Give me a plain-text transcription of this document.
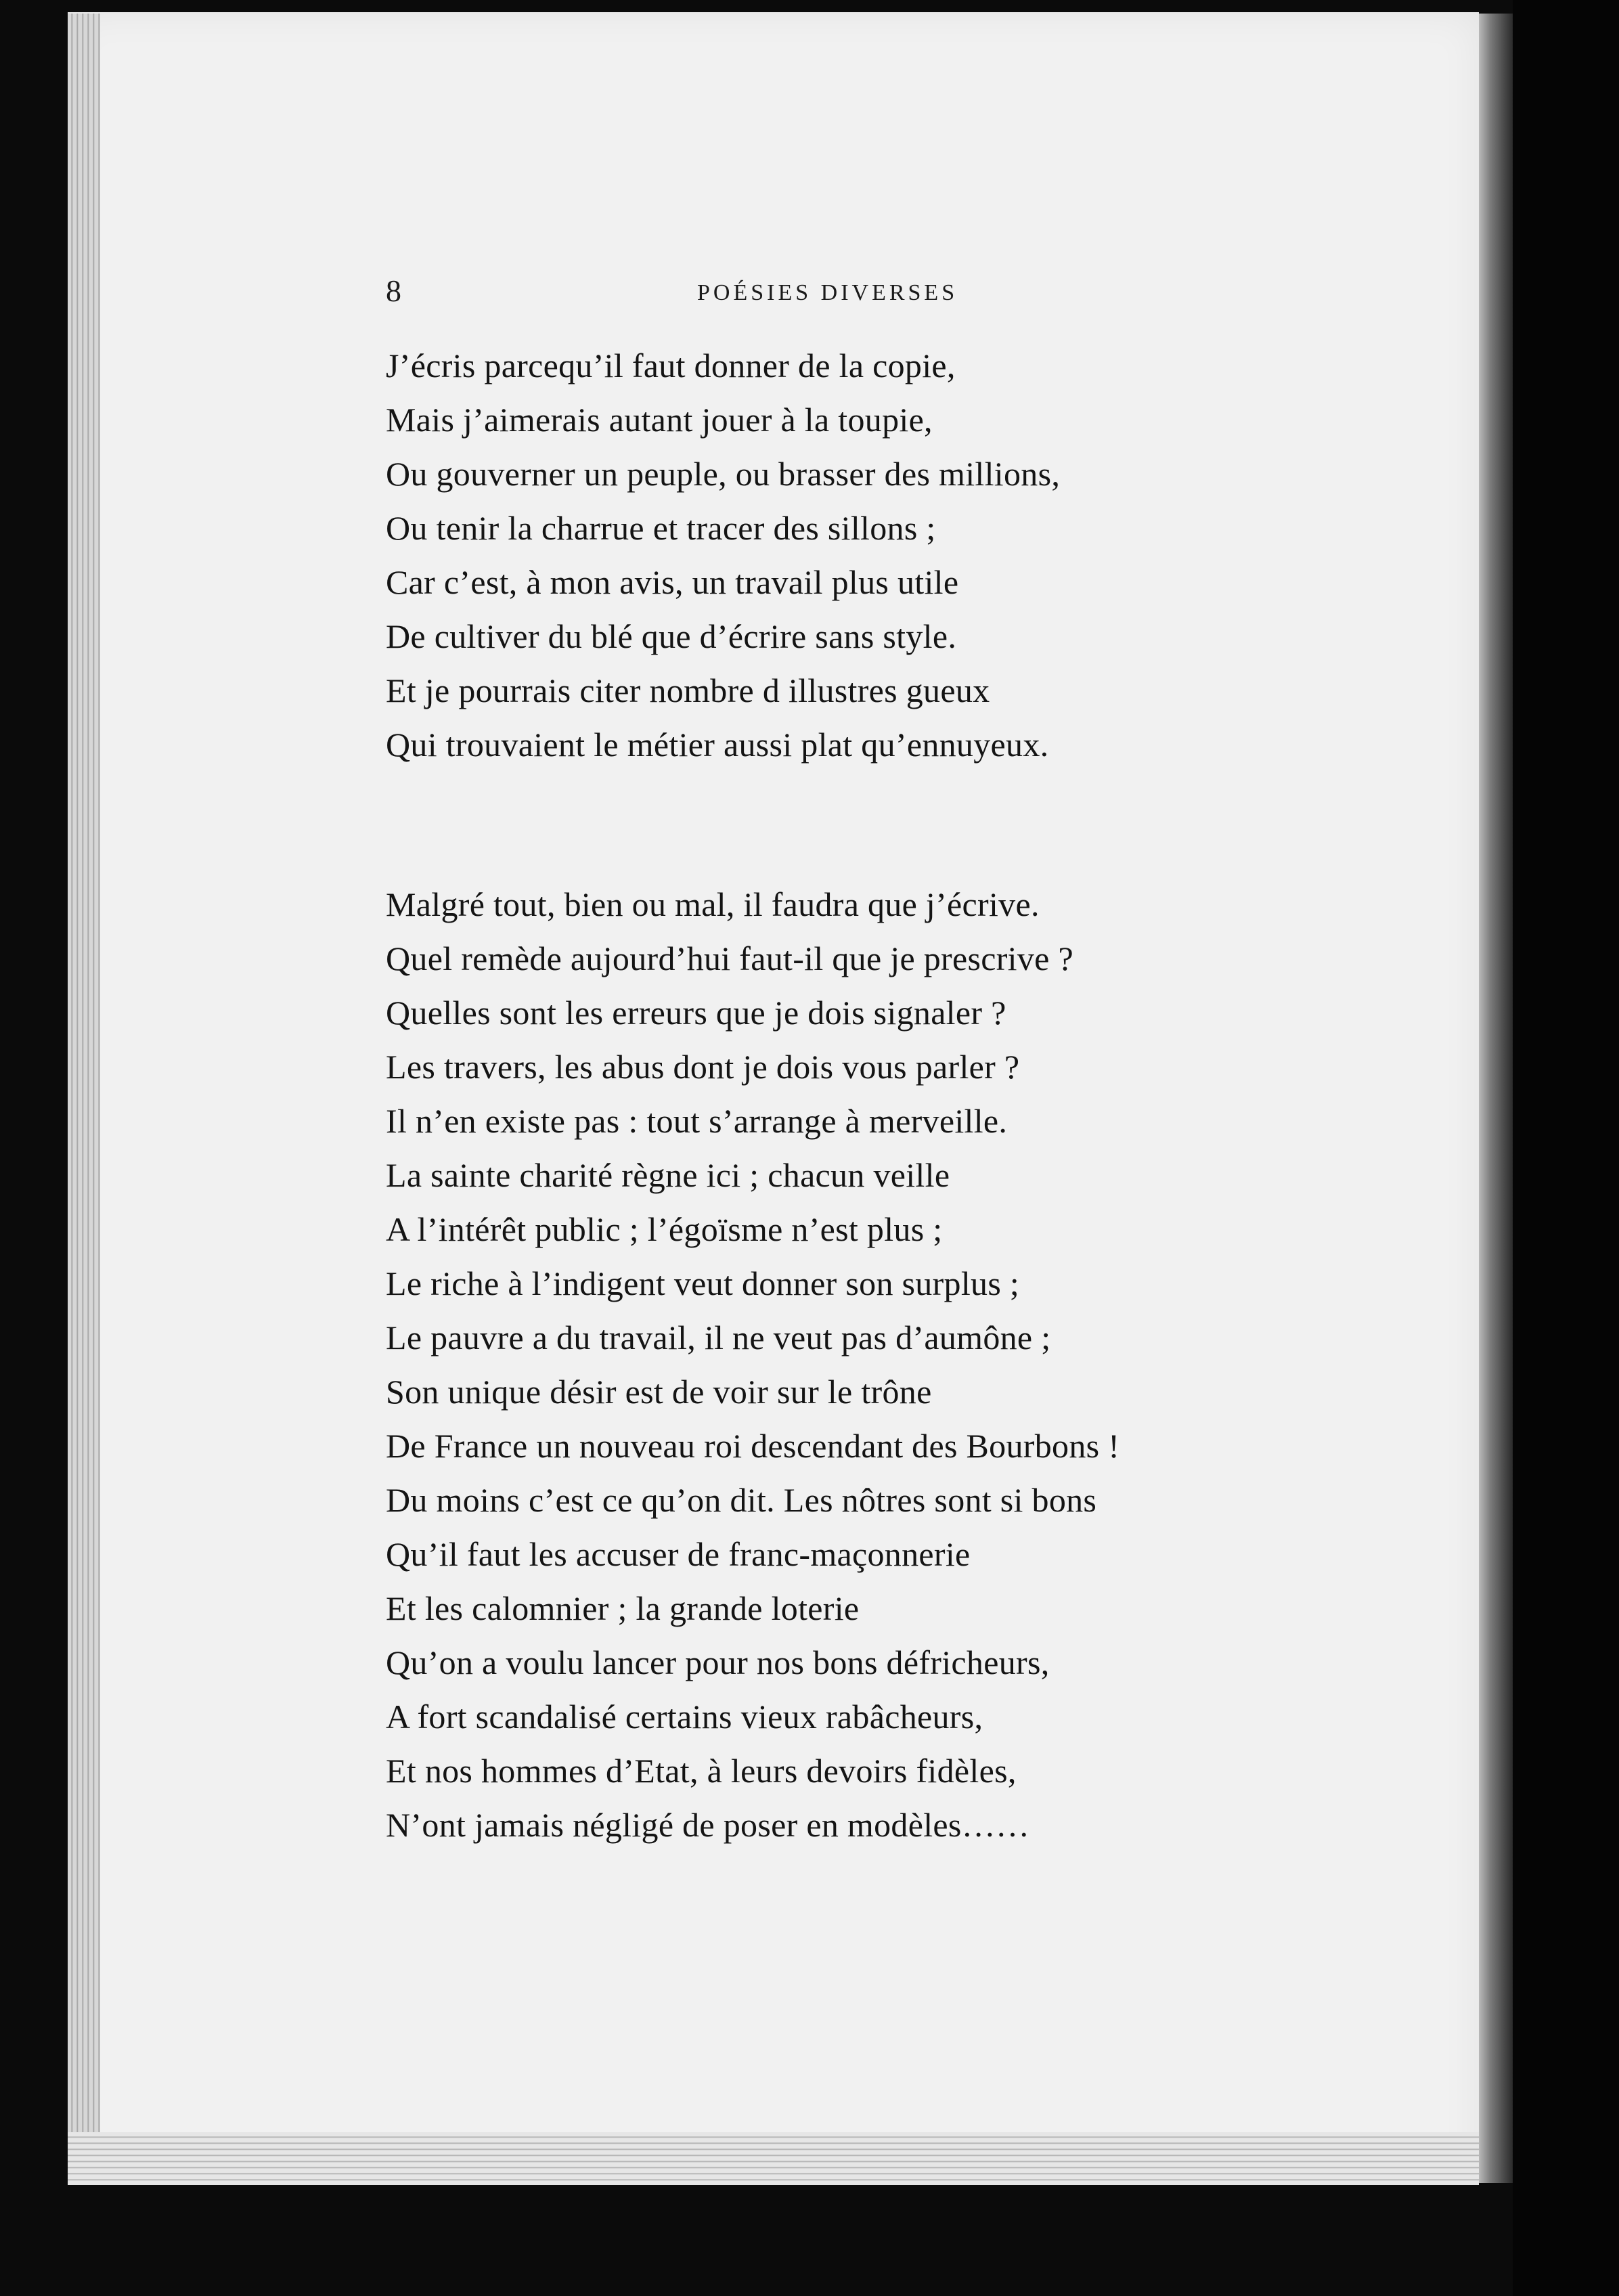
8	POÉSIES DIVERSES
J’écris parcequ’il faut donner de la copie,
Mais j’aimerais autant jouer à la toupie,
Ou gouverner un peuple, ou brasser des millions,
Ou tenir la charrue et tracer des sillons ;
Car c’est, à mon avis, un travail plus utile
De cultiver du blé que d’écrire sans style.
Et je pourrais citer nombre d illustres gueux
Qui trouvaient le métier aussi plat qu’ennuyeux.
Malgré tout, bien ou mal, il faudra que j’écrive.
Quel remède aujourd’hui faut-il que je prescrive ?
Quelles sont les erreurs que je dois signaler ?
Les travers, les abus dont je dois vous parler ?
Il n’en existe pas : tout s’arrange à merveille.
La sainte charité règne ici ; chacun veille
A l’intérêt public ; l’égoïsme n’est plus ;
Le riche à l’indigent veut donner son surplus ;
Le pauvre a du travail, il ne veut pas d’aumône ;
Son unique désir est de voir sur le trône
De France un nouveau roi descendant des Bourbons !
Du moins c’est ce qu’on dit. Les nôtres sont si bons
Qu’il faut les accuser de franc-maçonnerie
Et les calomnier ; la grande loterie
Qu’on a voulu lancer pour nos bons défricheurs,
A fort scandalisé certains vieux rabâcheurs,
Et nos hommes d’Etat, à leurs devoirs fidèles,
N’ont jamais négligé de poser en modèles……
